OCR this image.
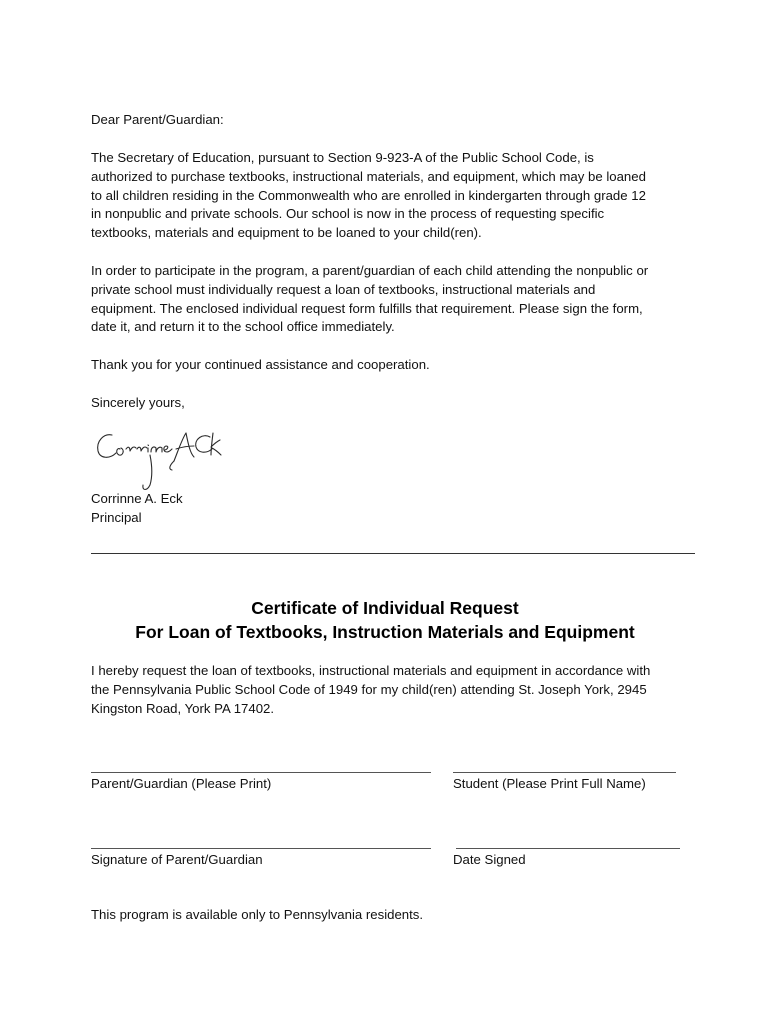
Dear Parent/Guardian:

The Secretary of Education, pursuant to Section 9-923-A of the Public School Code, is

authorized to purchase textbooks, instructional materials, and equipment, which may be loaned

to all children residing in the Commonwealth who are enrolled in kindergarten through grade 12

in nonpublic and private schools. Our school is now in the process of requesting specific

textbooks, materials and equipment to be loaned to your child(ren).

In order to participate in the program, a parent/guardian of each child attending the nonpublic or

private school must individually request a loan of textbooks, instructional materials and

equipment. The enclosed individual request form fulfills that requirement. Please sign the form,

date it, and return it to the school office immediately.

Thank you for your continued assistance and cooperation.

Sincerely yours,

Corrinne A. Eck

Principal

Certificate of Individual Request

For Loan of Textbooks, Instruction Materials and Equipment

I hereby request the loan of textbooks, instructional materials and equipment in accordance with

the Pennsylvania Public School Code of 1949 for my child(ren) attending St. Joseph York, 2945

Kingston Road, York PA 17402.

Parent/Guardian (Please Print)	Student (Please Print Full Name)

Signature of Parent/Guardian	Date Signed

This program is available only to Pennsylvania residents.
